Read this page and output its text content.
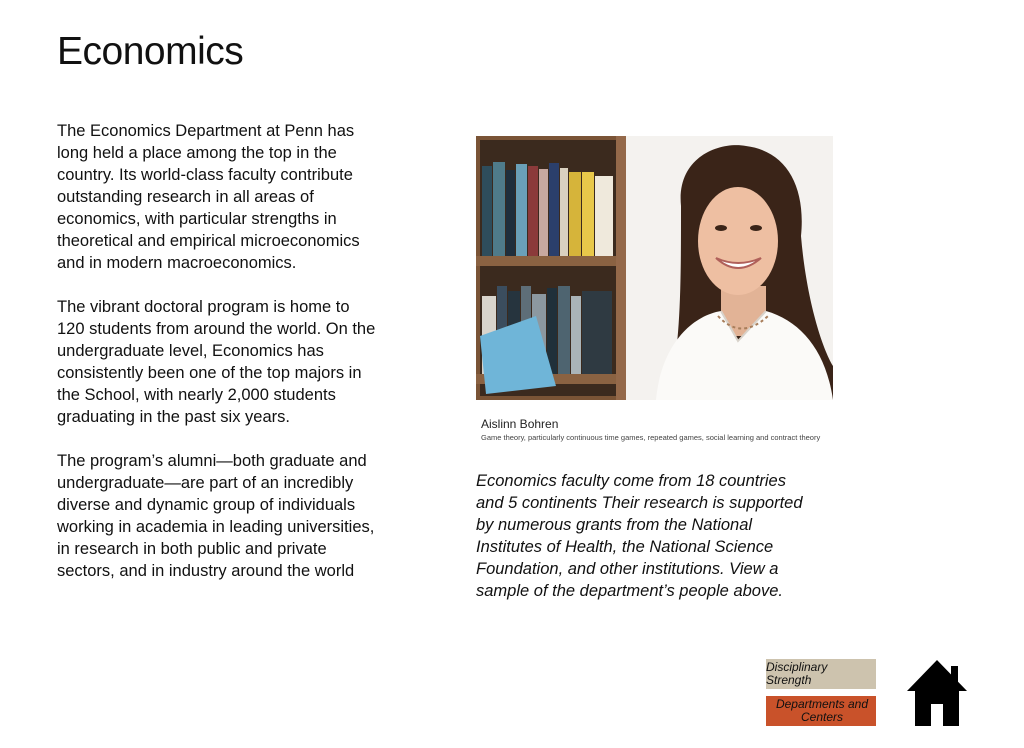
Economics

The Economics Department at Penn has long held a place among the top in the country. Its world-class faculty contribute outstanding research in all areas of economics, with particular strengths in theoretical and empirical microeconomics and in modern macroeconomics.

The vibrant doctoral program is home to 120 students from around the world. On the undergraduate level, Economics has consistently been one of the top majors in the School, with nearly 2,000 students graduating in the past six years.

The program’s alumni—both graduate and undergraduate—are part of an incredibly diverse and dynamic group of individuals working in academia in leading universities, in research in both public and private sectors, and in industry around the world

Aislinn Bohren
Game theory, particularly continuous time games, repeated games, social learning and contract theory
Economics faculty come from 18 countries and 5 continents Their research is supported by numerous grants from the National Institutes of Health, the National Science Foundation, and other institutions. View a sample of the department’s people above.
Disciplinary Strength
Departments and Centers
